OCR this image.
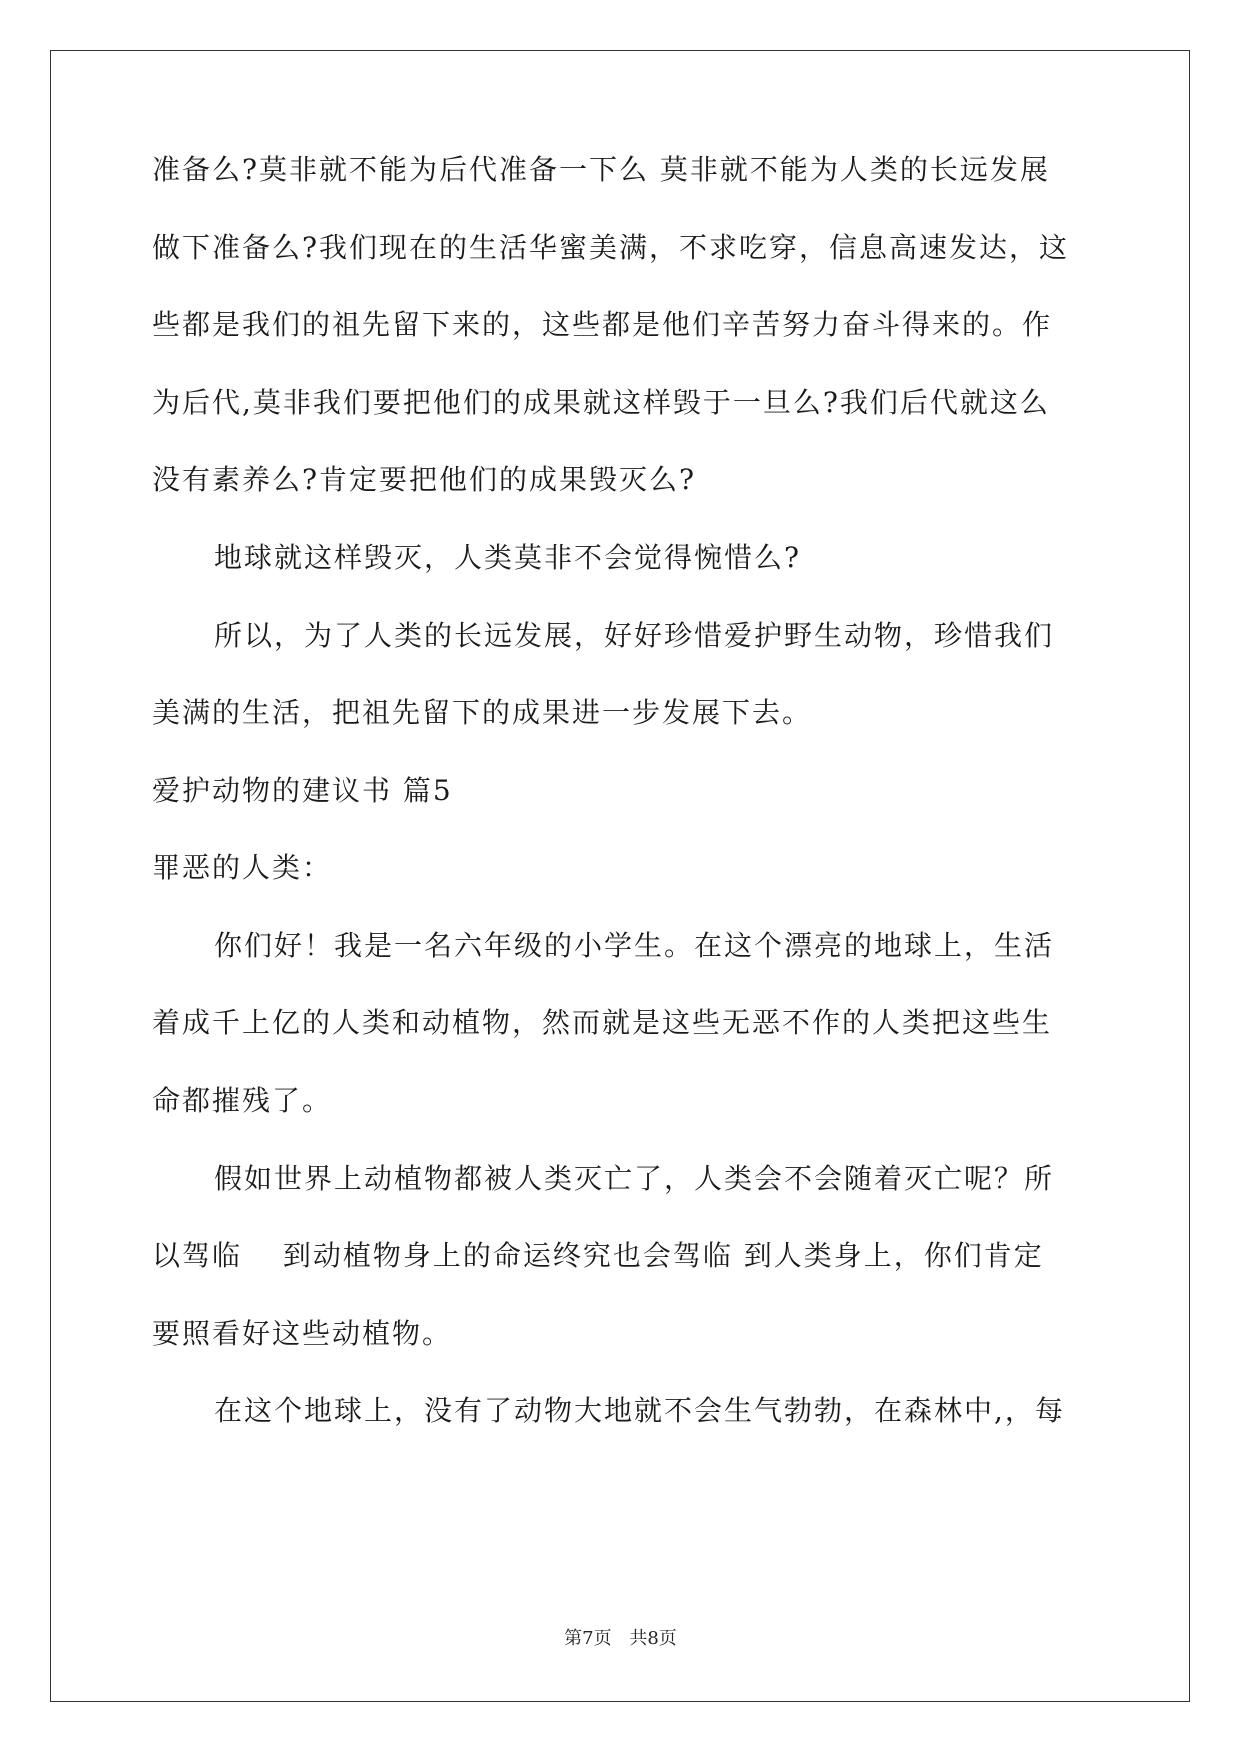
准备么?莫非就不能为后代准备一下么 莫非就不能为人类的长远发展
做下准备么?我们现在的生活华蜜美满，不求吃穿，信息高速发达，这
些都是我们的祖先留下来的，这些都是他们辛苦努力奋斗得来的。作
为后代,莫非我们要把他们的成果就这样毁于一旦么?我们后代就这么
没有素养么?肯定要把他们的成果毁灭么?
地球就这样毁灭，人类莫非不会觉得惋惜么?
所以，为了人类的长远发展，好好珍惜爱护野生动物，珍惜我们
美满的生活，把祖先留下的成果进一步发展下去。
爱护动物的建议书 篇5
罪恶的人类：
你们好！我是一名六年级的小学生。在这个漂亮的地球上，生活
着成千上亿的人类和动植物，然而就是这些无恶不作的人类把这些生
命都摧残了。
假如世界上动植物都被人类灭亡了，人类会不会随着灭亡呢？所
以驾临　 到动植物身上的命运终究也会驾临 到人类身上，你们肯定
要照看好这些动植物。
在这个地球上，没有了动物大地就不会生气勃勃，在森林中,，每
第7页 共8页
